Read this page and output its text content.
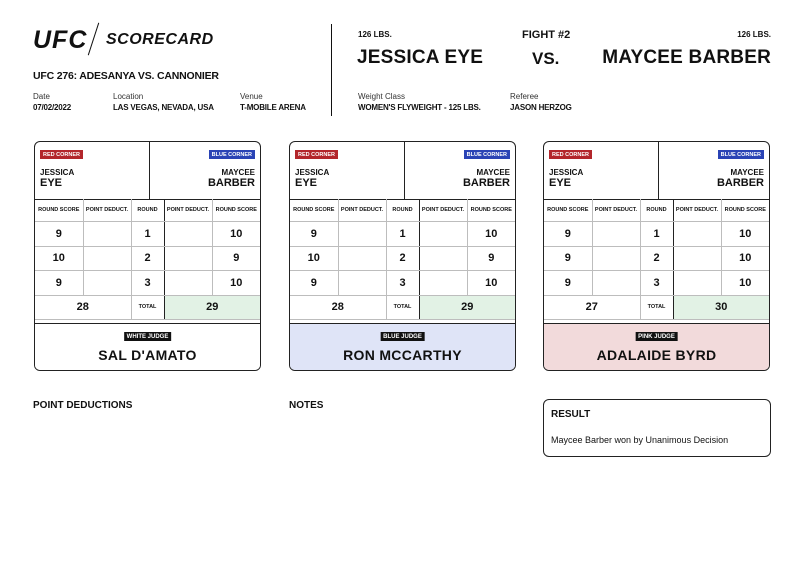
UFC SCORECARD
UFC 276: ADESANYA VS. CANNONIER
Date
07/02/2022
Location
LAS VEGAS, NEVADA, USA
Venue
T-MOBILE ARENA
126 LBS.	FIGHT #2	126 LBS.
JESSICA EYE	VS. MAYCEE BARBER
Weight Class
WOMEN'S FLYWEIGHT - 125 LBS.
Referee
JASON HERZOG
RED CORNER
JESSICA
EYE
BLUE CORNER
MAYCEE
BARBER
ROUND SCORE	POINT DEDUCT.	ROUND	POINT DEDUCT.	ROUND SCORE
9		1		10
10		2		9
9		3		10
28		TOTAL	29	
WHITE JUDGE
SAL D'AMATO
RED CORNER
JESSICA
EYE
BLUE CORNER
MAYCEE
BARBER
ROUND SCORE	POINT DEDUCT.	ROUND	POINT DEDUCT.	ROUND SCORE
9		1		10
10		2		9
9		3		10
28		TOTAL	29	
BLUE JUDGE
RON MCCARTHY
RED CORNER
JESSICA
EYE
BLUE CORNER
MAYCEE
BARBER
ROUND SCORE	POINT DEDUCT.	ROUND	POINT DEDUCT.	ROUND SCORE
9		1		10
9		2		10
9		3		10
27		TOTAL	30	
PINK JUDGE
ADALAIDE BYRD
POINT DEDUCTIONS	NOTES
RESULT
Maycee Barber won by Unanimous Decision
